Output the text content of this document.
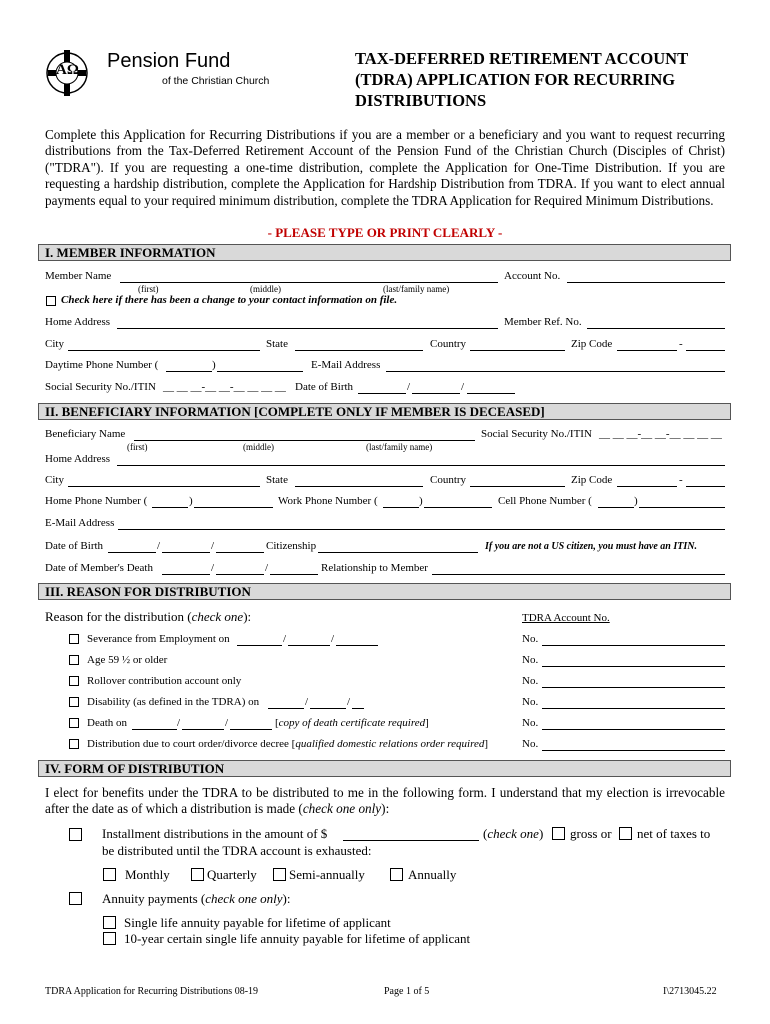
AΩ Pension Fund
of the Christian Church
TAX-DEFERRED RETIREMENT ACCOUNT
(TDRA) APPLICATION FOR RECURRING
DISTRIBUTIONS
Complete this Application for Recurring Distributions if you are a member or a beneficiary and you want to request recurring distributions from the Tax-Deferred Retirement Account of the Pension Fund of the Christian Church (Disciples of Christ) ("TDRA"). If you are requesting a one-time distribution, complete the Application for One-Time Distribution. If you are requesting a hardship distribution, complete the Application for Hardship Distribution from TDRA. If you want to elect annual payments equal to your required minimum distribution, complete the TDRA Application for Required Minimum Distributions.
- PLEASE TYPE OR PRINT CLEARLY -
I. MEMBER INFORMATION
Member Name	Account No.
(first)	(middle)	(last/family name)
Check here if there has been a change to your contact information on file.
Home Address	Member Ref. No.
City	State	Country	Zip Code	-
Daytime Phone Number (	)	E-Mail Address
Social Security No./ITIN __ __ __-__ __-__ __ __ __ Date of Birth	/	/
II. BENEFICIARY INFORMATION [COMPLETE ONLY IF MEMBER IS DECEASED]
Beneficiary Name	Social Security No./ITIN __ __ __-__ __-__ __ __ __
(first)	(middle)	(last/family name)
Home Address
City	State	Country	Zip Code	-
Home Phone Number (	)	Work Phone Number (	)	Cell Phone Number (	)
E-Mail Address
Date of Birth	/	/	Citizenship	If you are not a US citizen, you must have an ITIN.
Date of Member's Death	/	/	Relationship to Member
III. REASON FOR DISTRIBUTION
Reason for the distribution (check one):	TDRA Account No.
Severance from Employment on	/	/	No.
Age 59 ½ or older	No.
Rollover contribution account only	No.
Disability (as defined in the TDRA) on	/	/	No.
Death on	/	/	[copy of death certificate required]	No.
Distribution due to court order/divorce decree [qualified domestic relations order required]	No.
IV. FORM OF DISTRIBUTION
I elect for benefits under the TDRA to be distributed to me in the following form. I understand that my election is irrevocable after the date as of which a distribution is made (check one only):
Installment distributions in the amount of $	(check one) gross or net of taxes to
be distributed until the TDRA account is exhausted:
Monthly	Quarterly Semi-annually	Annually
Annuity payments (check one only):
Single life annuity payable for lifetime of applicant
10-year certain single life annuity payable for lifetime of applicant
TDRA Application for Recurring Distributions 08-19	Page 1 of 5	I\2713045.22
